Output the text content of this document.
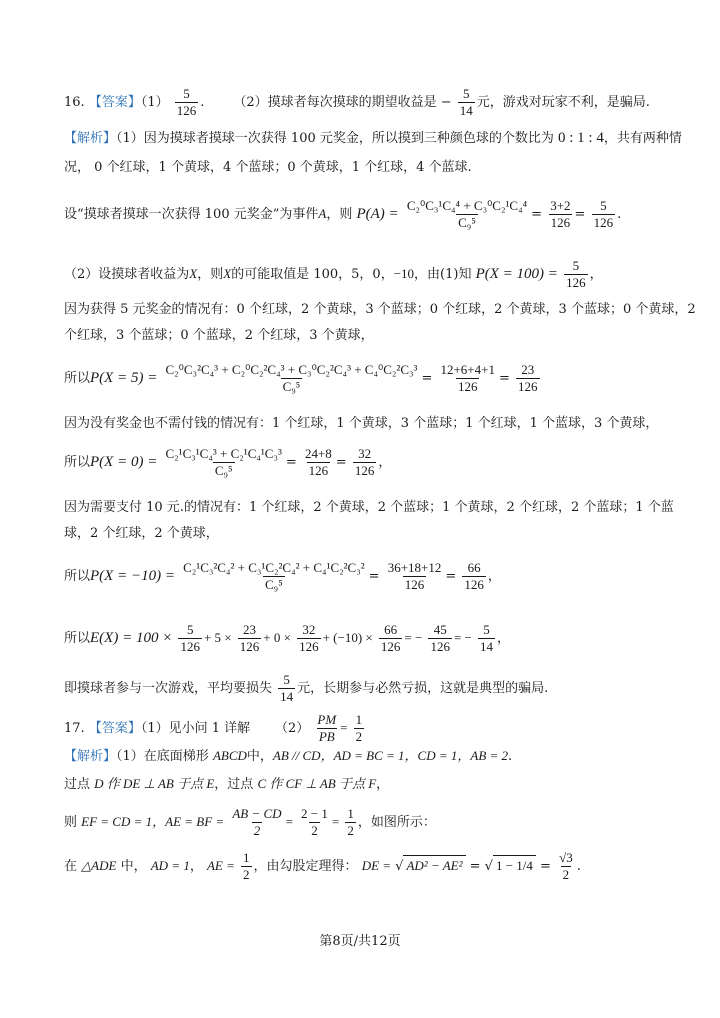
16. 【答案】$(1) \frac{5}{126}$ .       （2）摸球者每次摸球的期望收益是 − $\frac{5}{14}$ 元，游戏对玩家不利，是骗局.
【解析】（1）因为摸球者摸球一次获得 100 元奖金，所以摸到三种颜色球的个数比为 0 : 1 : 4，共有两种情
况， 0 个红球，1 个黄球，4 个蓝球；0 个黄球，1 个红球，4 个蓝球.
设“摸球者摸球一次获得 100 元奖金”为事件A，则 $P(A) = \frac{\text{C₂⁰C₃¹C₄⁴ + C₃⁰C₂¹C₄⁴}}{\text{C₉⁵}} = \frac{3+2}{126} = \frac{5}{126}$ .
（2）设摸球者收益为X，则X的可能取值是 100，5，0，−10，由(1)知 $P(X = 100) = \frac{5}{126}$ ，
因为获得 5 元奖金的情况有：0 个红球，2 个黄球，3 个蓝球；0 个红球，2 个黄球，3 个蓝球；0 个黄球，2
个红球，3 个蓝球；0 个蓝球，2 个红球，3 个黄球，
所以$P(X = 5) = \frac{\text{C₂⁰C₃²C₄³ + C₂⁰C₂²C₄³ + C₃⁰C₂²C₄³ + C₄⁰C₂²C₃³}}{\text{C₉⁵}} = \frac{12+6+4+1}{126} = \frac{23}{126}$
因为没有奖金也不需付钱的情况有：1 个红球，1 个黄球，3 个蓝球；1 个红球，1 个蓝球，3 个黄球，
所以$P(X = 0) = \frac{\text{C₂¹C₃¹C₄³ + C₂¹C₄¹C₃³}}{\text{C₉⁵}} = \frac{24+8}{126} = \frac{32}{126}$ ，
因为需要支付 10 元.的情况有：1 个红球，2 个黄球，2 个蓝球；1 个黄球，2 个红球，2 个蓝球；1 个蓝
球，2 个红球，2 个黄球，
所以$P(X = -10) = \frac{\text{C₂¹C₃²C₄² + C₃¹C₂²C₄² + C₄¹C₂²C₃²}}{\text{C₉⁵}} = \frac{36+18+12}{126} = \frac{66}{126}$ ，
所以$E(X) = 100 \times \frac{5}{126} + 5 \times \frac{23}{126} + 0 \times \frac{32}{126} + (-10) \times \frac{66}{126}$ = − $\frac{45}{126}$ = − $\frac{5}{14}$ ，
即摸球者参与一次游戏，平均要损失 $\frac{5}{14}$ 元，长期参与必然亏损，这就是典型的骗局.
17. 【答案】（1）见小问 1 详解 $(2) \frac{PM}{PB} = \frac{1}{2}$
【解析】（1）在底面梯形 ABCD中，AB // CD，AD = BC = 1，CD = 1，AB = 2.
过点 D 作 DE ⊥ AB 于点 E，过点 C 作 CF ⊥ AB 于点 F，
则 EF = CD = 1，AE = BF = $\frac{AB - CD}{2} = \frac{2 - 1}{2} = \frac{1}{2}$ ，如图所示：
在 △ADE 中， AD = 1， AE = $\frac{1}{2}$ ，由勾股定理得： DE = √ AD² − AE² = √ $1 - 1/4 = \frac{√3}{2}$ .
第8页/共12页
